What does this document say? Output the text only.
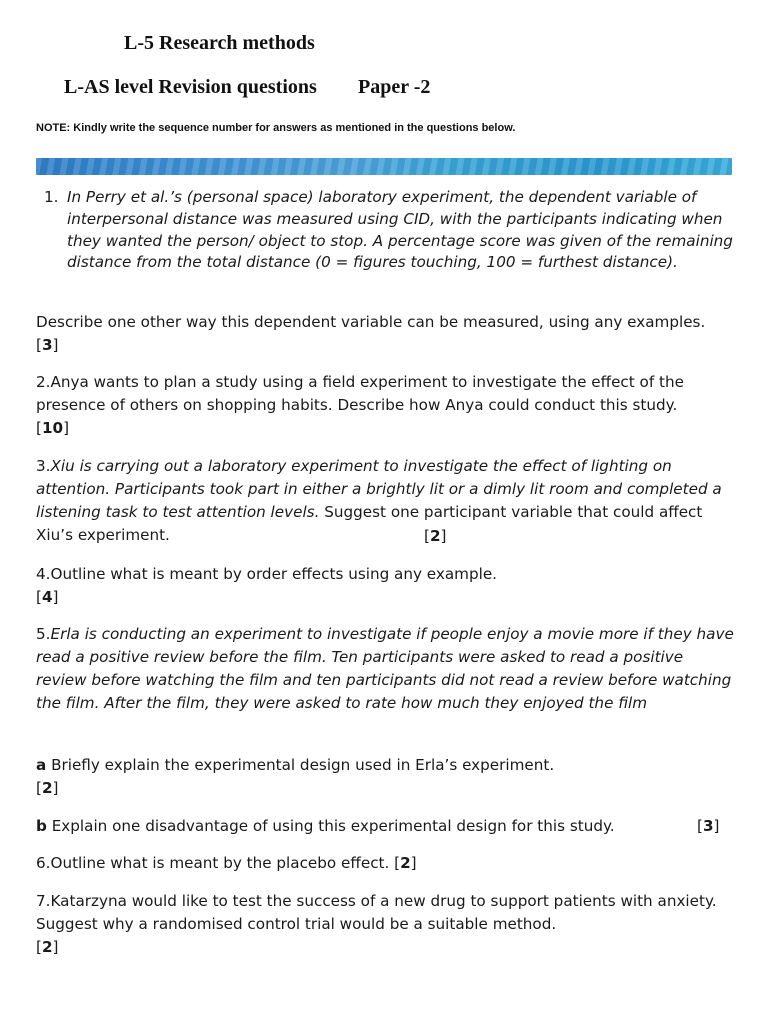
L-5 Research methods
L-AS level Revision questions Paper -2
NOTE: Kindly write the sequence number for answers as mentioned in the questions below.
1. In Perry et al.’s (personal space) laboratory experiment, the dependent variable of interpersonal distance was measured using CID, with the participants indicating when they wanted the person/ object to stop. A percentage score was given of the remaining distance from the total distance (0 = figures touching, 100 = furthest distance).
Describe one other way this dependent variable can be measured, using any examples.
[3]
2.Anya wants to plan a study using a field experiment to investigate the effect of the presence of others on shopping habits. Describe how Anya could conduct this study.
[10]
3.Xiu is carrying out a laboratory experiment to investigate the effect of lighting on attention. Participants took part in either a brightly lit or a dimly lit room and completed a listening task to test attention levels. Suggest one participant variable that could affect Xiu’s experiment.	[2]
4.Outline what is meant by order effects using any example.
[4]
5.Erla is conducting an experiment to investigate if people enjoy a movie more if they have read a positive review before the film. Ten participants were asked to read a positive review before watching the film and ten participants did not read a review before watching the film. After the film, they were asked to rate how much they enjoyed the film
a Briefly explain the experimental design used in Erla’s experiment.
[2]
b Explain one disadvantage of using this experimental design for this study.	[3]
6.Outline what is meant by the placebo effect. [2]
7.Katarzyna would like to test the success of a new drug to support patients with anxiety. Suggest why a randomised control trial would be a suitable method.
[2]
